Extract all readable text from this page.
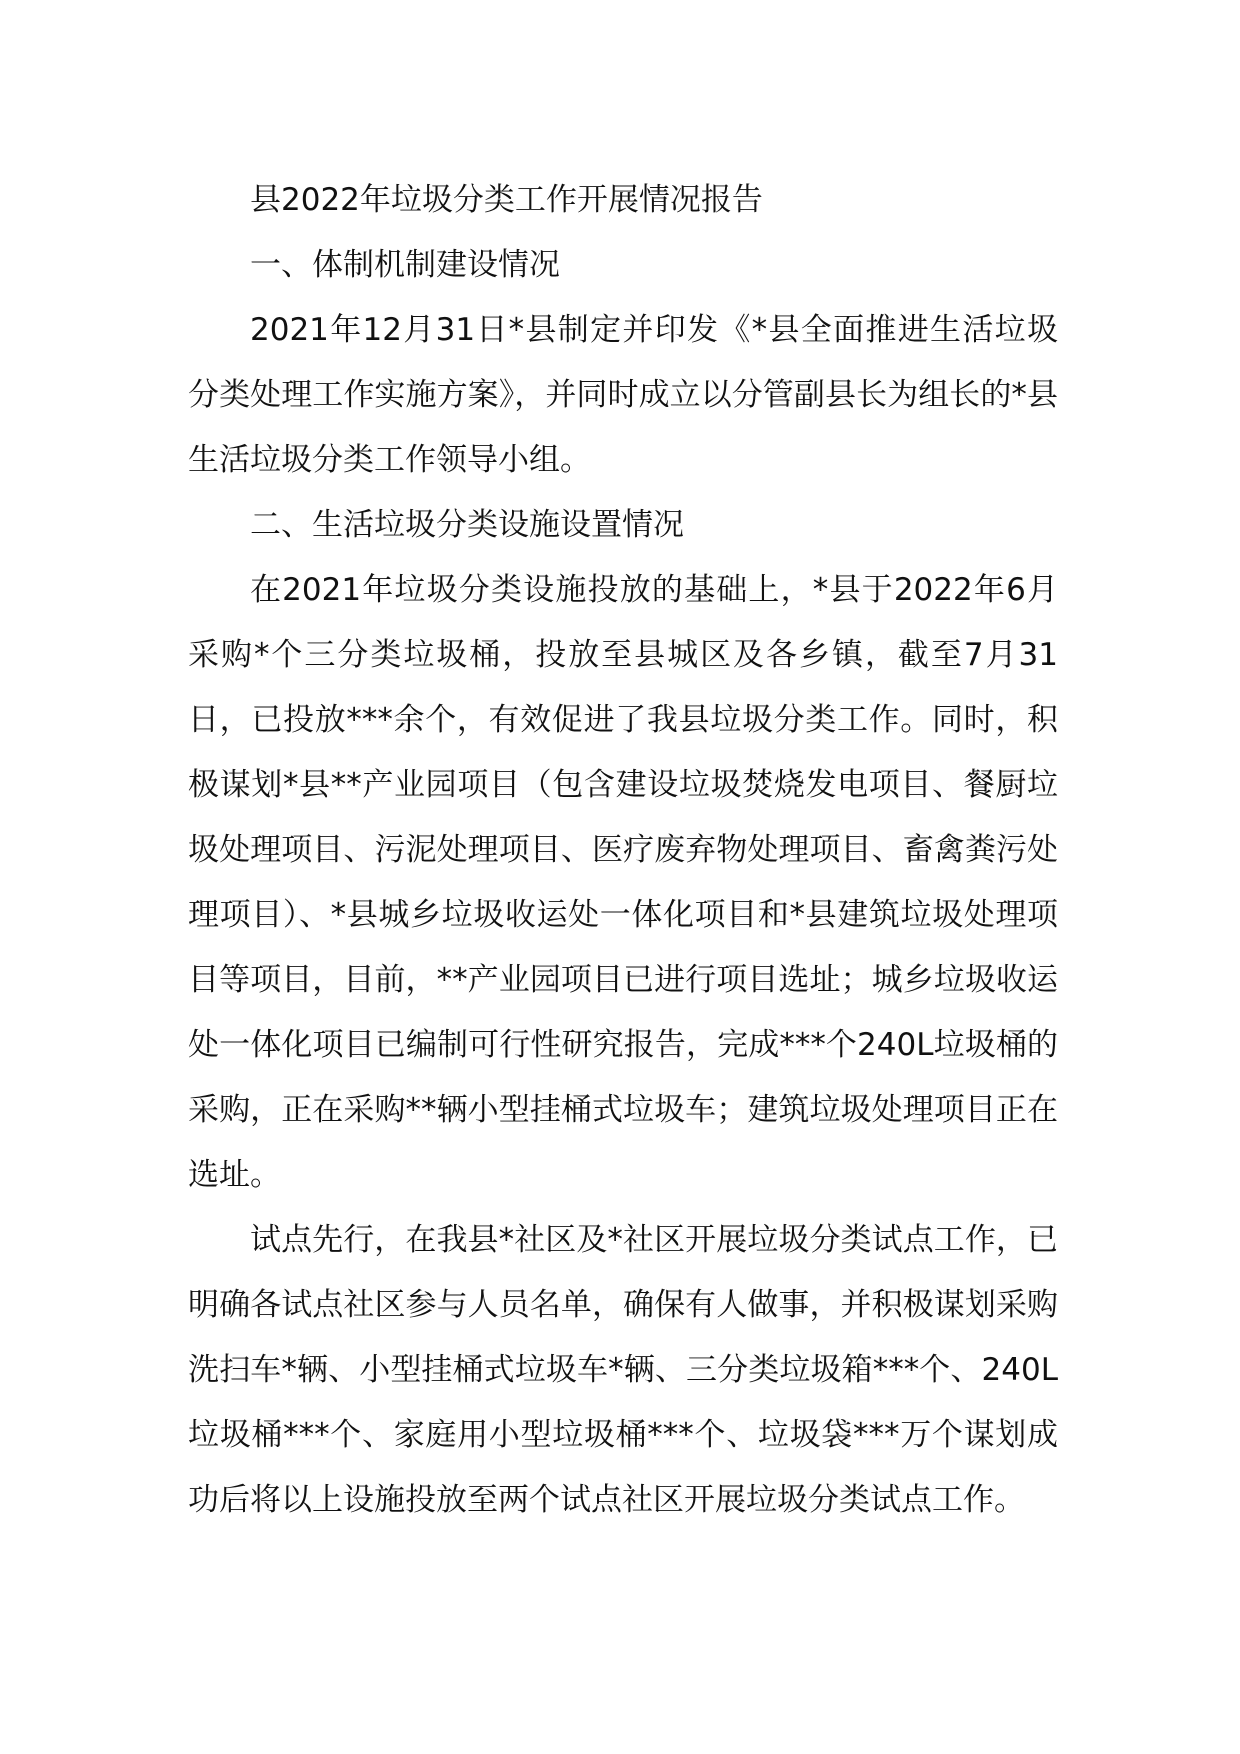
县2022年垃圾分类工作开展情况报告

一、体制机制建设情况

2021年12月31日*县制定并印发《*县全面推进生活垃圾分类处理工作实施方案》，并同时成立以分管副县长为组长的*县生活垃圾分类工作领导小组。

二、生活垃圾分类设施设置情况

在2021年垃圾分类设施投放的基础上，*县于2022年6月采购*个三分类垃圾桶，投放至县城区及各乡镇，截至7月31日，已投放***余个，有效促进了我县垃圾分类工作。同时，积极谋划*县**产业园项目（包含建设垃圾焚烧发电项目、餐厨垃圾处理项目、污泥处理项目、医疗废弃物处理项目、畜禽粪污处理项目）、*县城乡垃圾收运处一体化项目和*县建筑垃圾处理项目等项目，目前，**产业园项目已进行项目选址；城乡垃圾收运处一体化项目已编制可行性研究报告，完成***个240L垃圾桶的采购，正在采购**辆小型挂桶式垃圾车；建筑垃圾处理项目正在选址。

试点先行，在我县*社区及*社区开展垃圾分类试点工作，已明确各试点社区参与人员名单，确保有人做事，并积极谋划采购洗扫车*辆、小型挂桶式垃圾车*辆、三分类垃圾箱***个、240L垃圾桶***个、家庭用小型垃圾桶***个、垃圾袋***万个谋划成功后将以上设施投放至两个试点社区开展垃圾分类试点工作。
